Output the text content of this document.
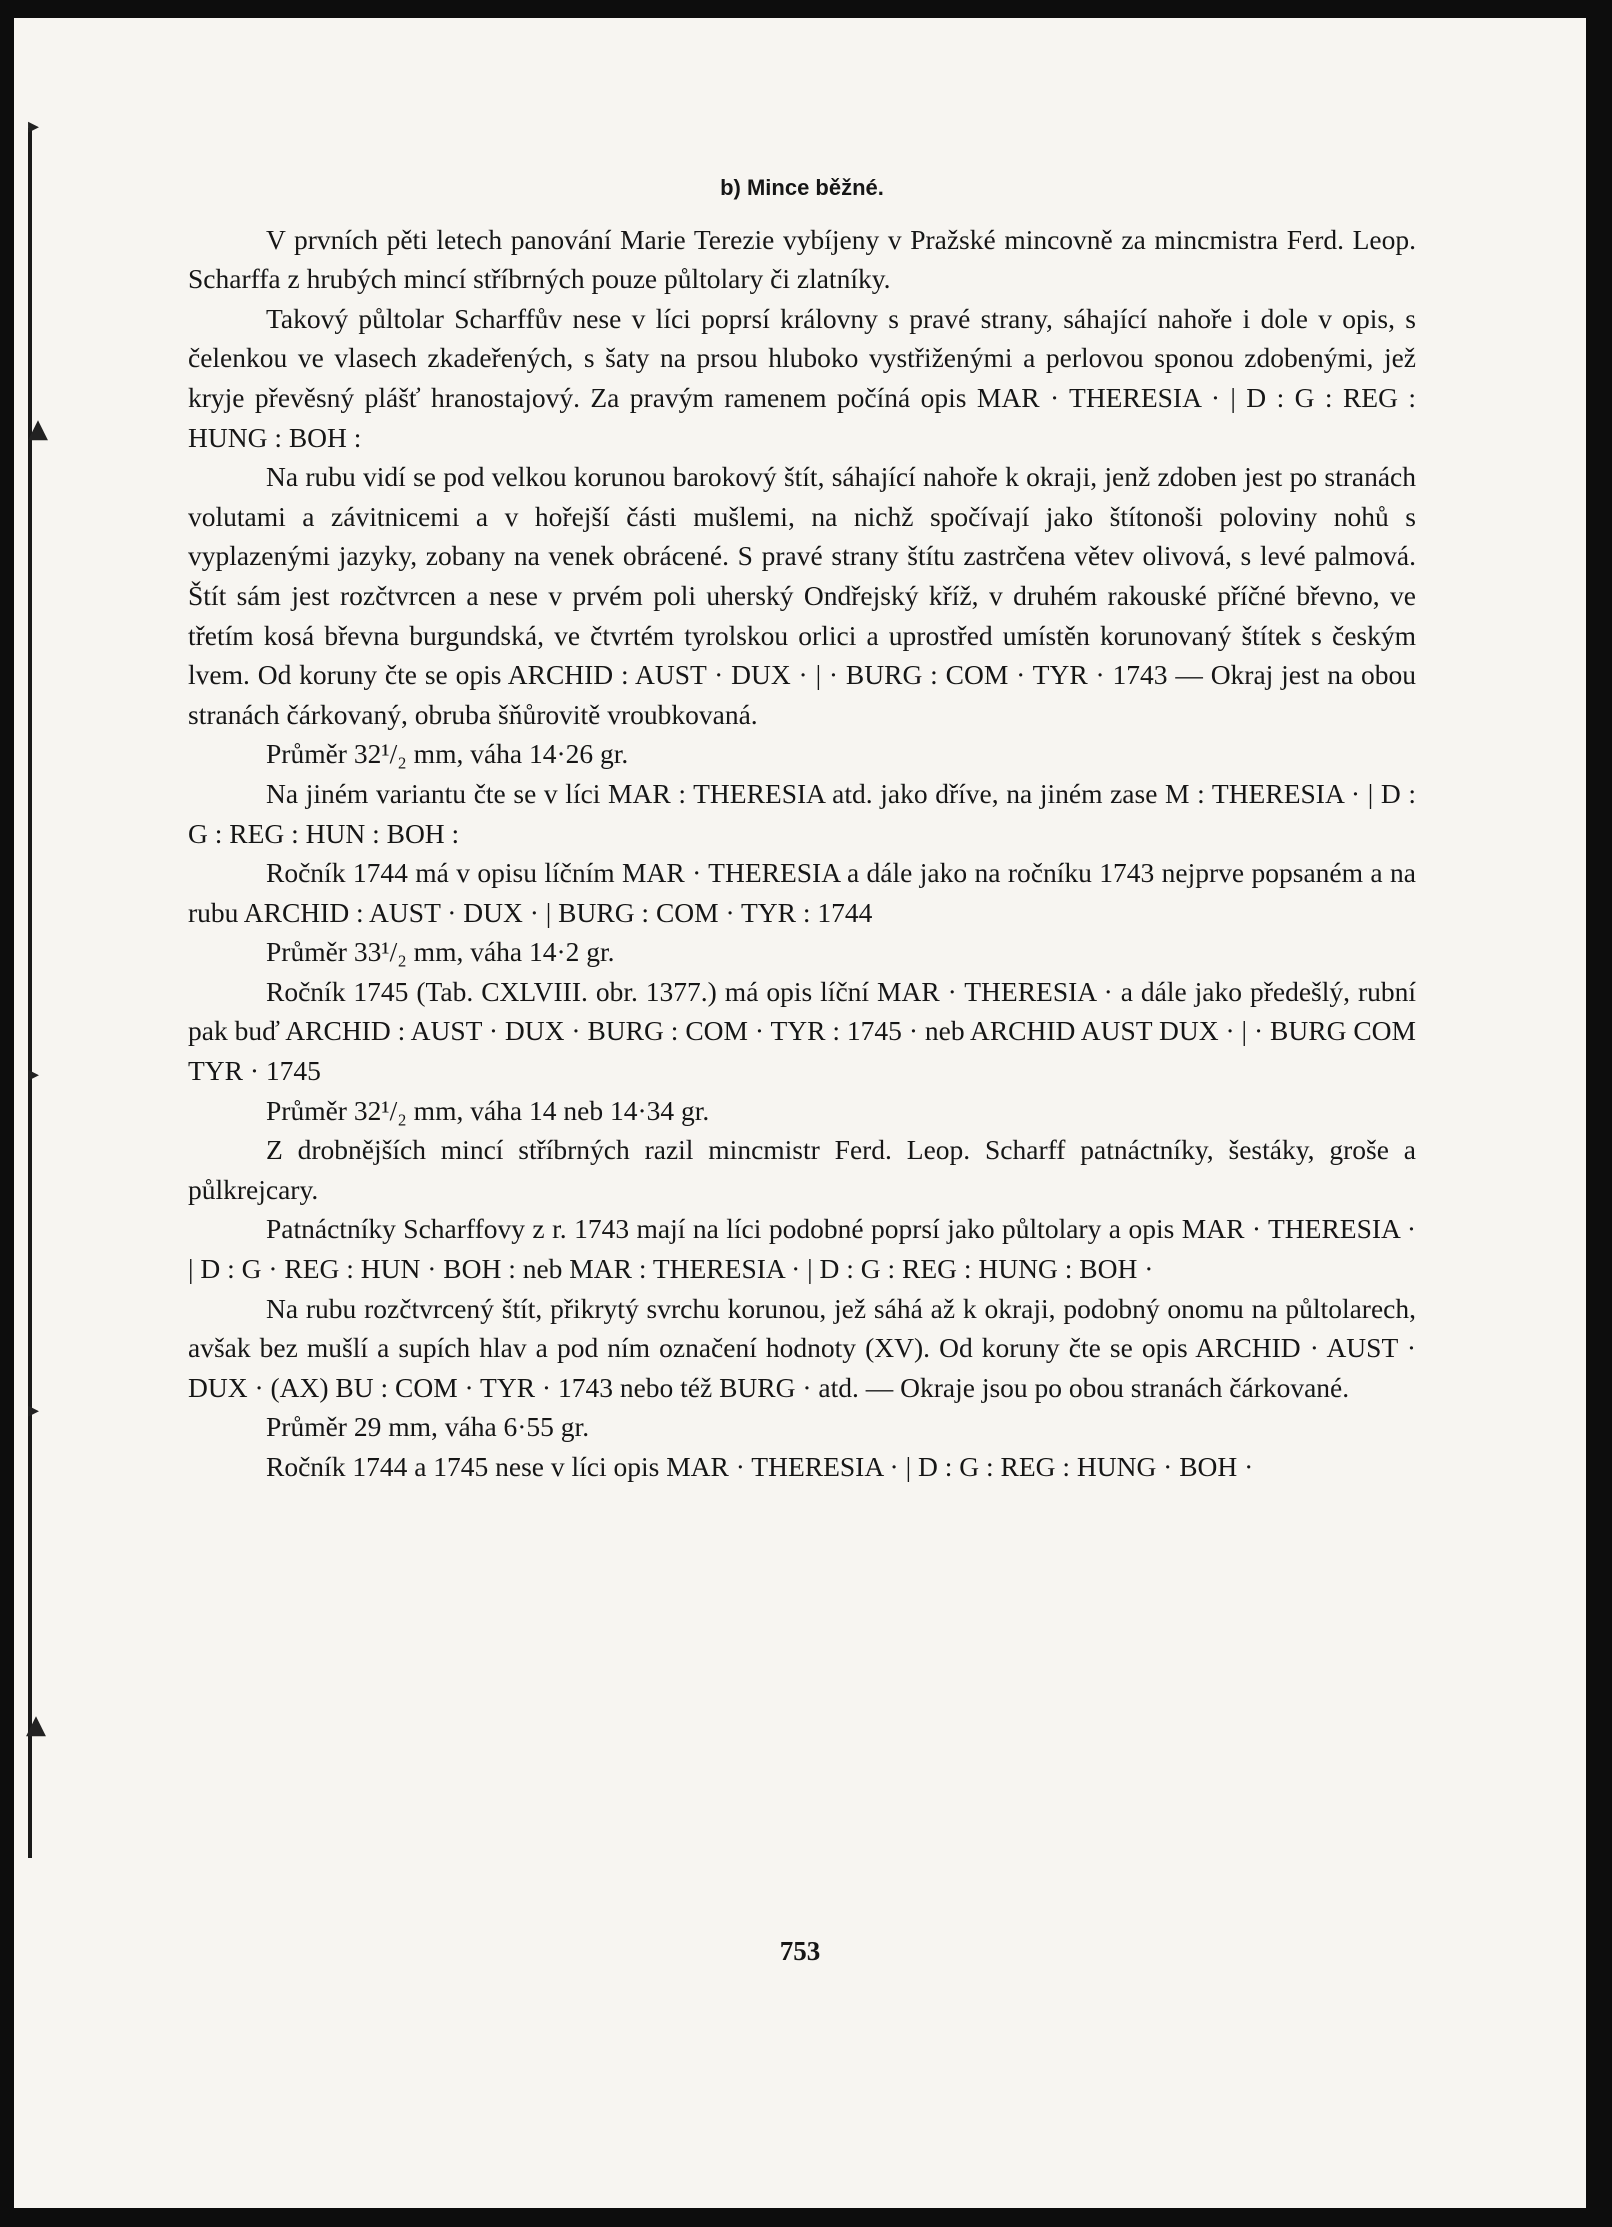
▸
▲
▸
▸
▲
b) Mince běžné.

V prvních pěti letech panování Marie Terezie vybíjeny v Pražské mincovně za mincmistra Ferd. Leop. Scharffa z hrubých mincí stříbrných pouze půltolary či zlatníky.

Takový půltolar Scharffův nese v líci poprsí královny s pravé strany, sáhající nahoře i dole v opis, s čelenkou ve vlasech zkadeřených, s šaty na prsou hluboko vystřiženými a perlovou sponou zdobenými, jež kryje převěsný plášť hranostajový. Za pravým ramenem počíná opis MAR · THERESIA · | D : G : REG : HUNG : BOH :

Na rubu vidí se pod velkou korunou barokový štít, sáhající nahoře k okraji, jenž zdoben jest po stranách volutami a závitnicemi a v hořejší části mušlemi, na nichž spočívají jako štítonoši poloviny nohů s vyplazenými jazyky, zobany na venek obrácené. S pravé strany štítu zastrčena větev olivová, s levé palmová. Štít sám jest rozčtvrcen a nese v prvém poli uherský Ondřejský kříž, v druhém rakouské příčné břevno, ve třetím kosá břevna burgundská, ve čtvrtém tyrolskou orlici a uprostřed umístěn korunovaný štítek s českým lvem. Od koruny čte se opis ARCHID : AUST · DUX · | · BURG : COM · TYR · 1743 — Okraj jest na obou stranách čárkovaný, obruba šňůrovitě vroubkovaná.

Průměr 32¹/₂ mm, váha 14·26 gr.

Na jiném variantu čte se v líci MAR : THERESIA atd. jako dříve, na jiném zase M : THERESIA · | D : G : REG : HUN : BOH :

Ročník 1744 má v opisu líčním MAR · THERESIA a dále jako na ročníku 1743 nejprve popsaném a na rubu ARCHID : AUST · DUX · | BURG : COM · TYR : 1744

Průměr 33¹/₂ mm, váha 14·2 gr.

Ročník 1745 (Tab. CXLVIII. obr. 1377.) má opis líční MAR · THERESIA · a dále jako předešlý, rubní pak buď ARCHID : AUST · DUX · BURG : COM · TYR : 1745 · neb ARCHID AUST DUX · | · BURG COM TYR · 1745

Průměr 32¹/₂ mm, váha 14 neb 14·34 gr.

Z drobnějších mincí stříbrných razil mincmistr Ferd. Leop. Scharff patnáctníky, šestáky, groše a půlkrejcary.

Patnáctníky Scharffovy z r. 1743 mají na líci podobné poprsí jako půltolary a opis MAR · THERESIA · | D : G · REG : HUN · BOH : neb MAR : THERESIA · | D : G : REG : HUNG : BOH ·

Na rubu rozčtvrcený štít, přikrytý svrchu korunou, jež sáhá až k okraji, podobný onomu na půltolarech, avšak bez mušlí a supích hlav a pod ním označení hodnoty (XV). Od koruny čte se opis ARCHID · AUST · DUX · (AX) BU : COM · TYR · 1743 nebo též BURG · atd. — Okraje jsou po obou stranách čárkované.

Průměr 29 mm, váha 6·55 gr.

Ročník 1744 a 1745 nese v líci opis MAR · THERESIA · | D : G : REG : HUNG · BOH ·

753
